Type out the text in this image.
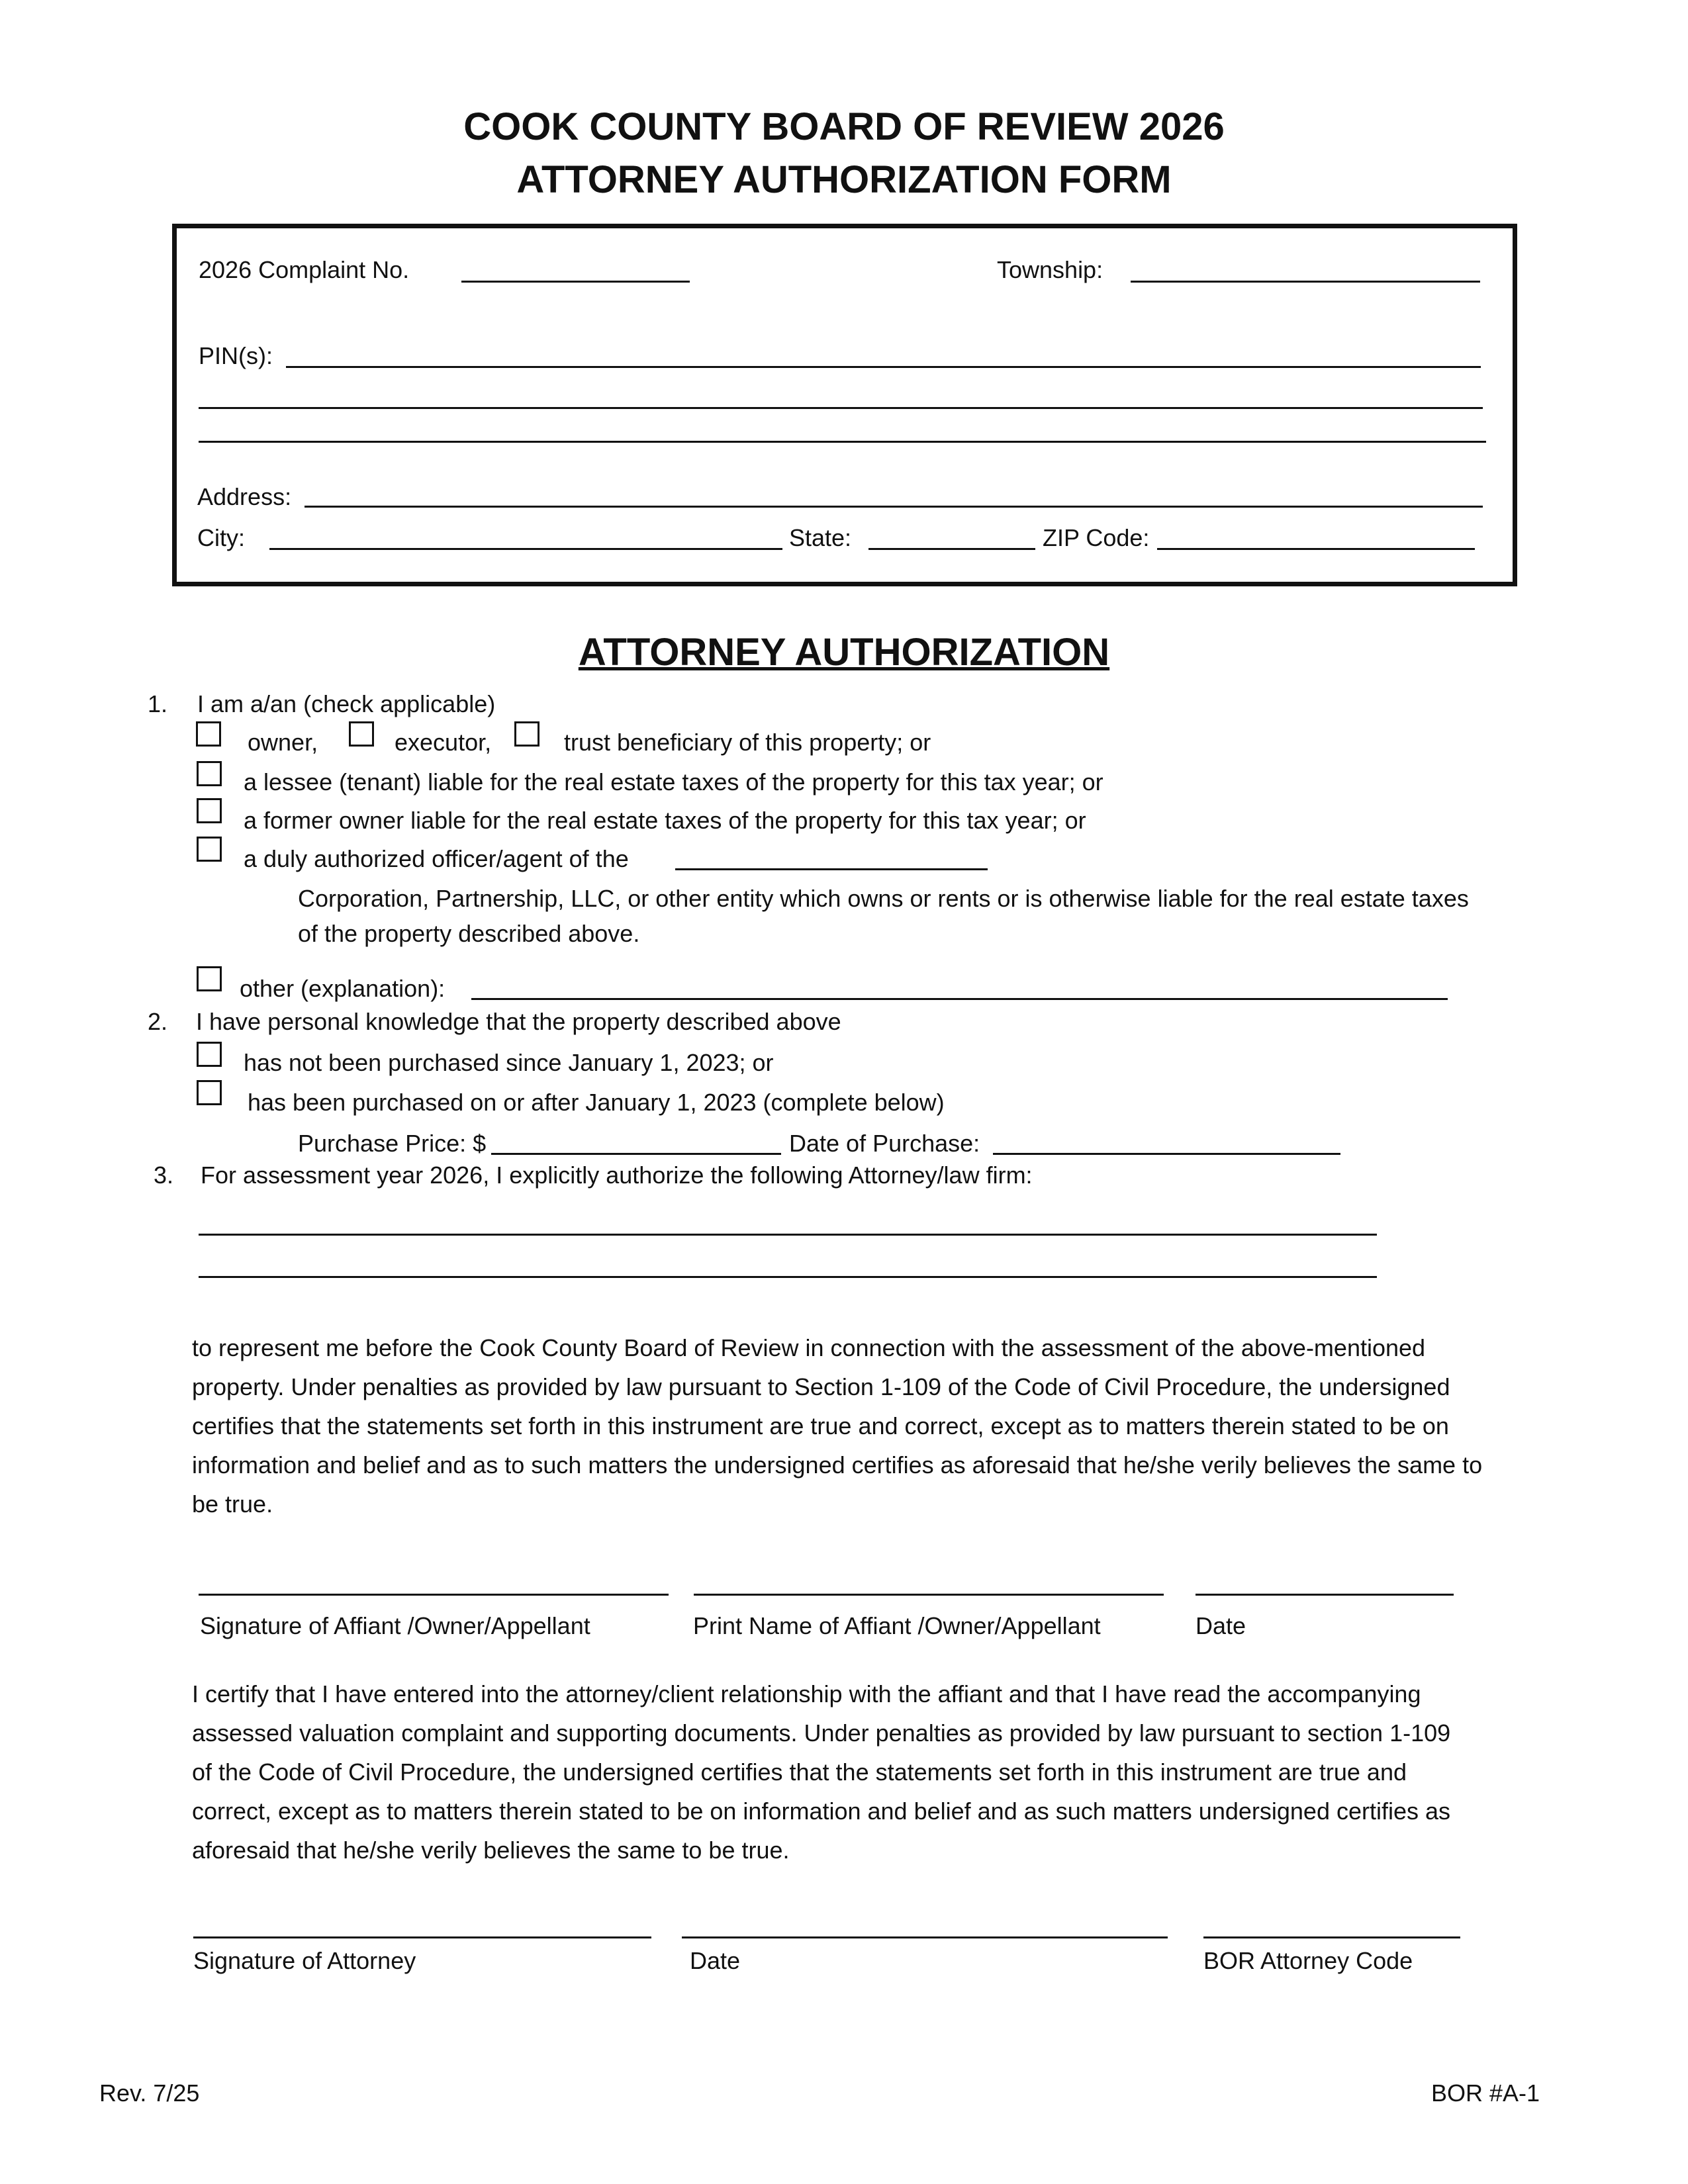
COOK COUNTY BOARD OF REVIEW 2026
ATTORNEY AUTHORIZATION FORM
2026 Complaint No.	Township:
PIN(s):
Address:
City:	State:	ZIP Code:
ATTORNEY AUTHORIZATION
1. I am a/an (check applicable)
owner,	executor,	trust beneficiary of this property; or
a lessee (tenant) liable for the real estate taxes of the property for this tax year; or
a former owner liable for the real estate taxes of the property for this tax year; or
a duly authorized officer/agent of the
Corporation, Partnership, LLC, or other entity which owns or rents or is otherwise liable for the real estate taxes
of the property described above.
other (explanation):
2. I have personal knowledge that the property described above
has not been purchased since January 1, 2023; or
has been purchased on or after January 1, 2023 (complete below)
Purchase Price: $	Date of Purchase:
3. For assessment year 2026, I explicitly authorize the following Attorney/law firm:
to represent me before the Cook County Board of Review in connection with the assessment of the above-mentioned
property. Under penalties as provided by law pursuant to Section 1-109 of the Code of Civil Procedure, the undersigned
certifies that the statements set forth in this instrument are true and correct, except as to matters therein stated to be on
information and belief and as to such matters the undersigned certifies as aforesaid that he/she verily believes the same to
be true.
Signature of Affiant /Owner/Appellant	Print Name of Affiant /Owner/Appellant	Date
I certify that I have entered into the attorney/client relationship with the affiant and that I have read the accompanying
assessed valuation complaint and supporting documents. Under penalties as provided by law pursuant to section 1-109
of the Code of Civil Procedure, the undersigned certifies that the statements set forth in this instrument are true and
correct, except as to matters therein stated to be on information and belief and as such matters undersigned certifies as
aforesaid that he/she verily believes the same to be true.
Signature of Attorney	Date	BOR Attorney Code
Rev. 7/25	BOR #A-1
